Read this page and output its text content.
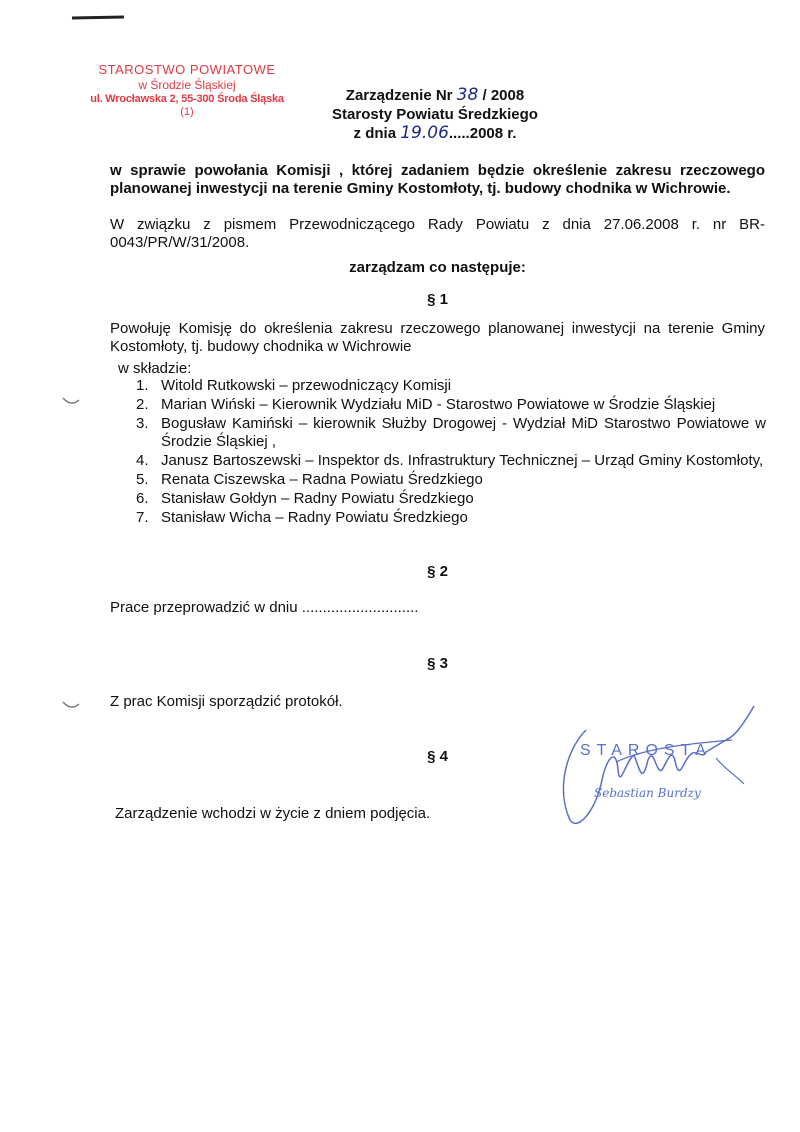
STAROSTWO POWIATOWE
w Środzie Śląskiej
ul. Wrocławska 2, 55-300 Środa Śląska
(1)
Zarządzenie Nr 38 / 2008
Starosty Powiatu Średzkiego
z dnia 19.06.....2008 r.
w sprawie powołania Komisji , której zadaniem będzie określenie zakresu rzeczowego planowanej inwestycji na terenie Gminy Kostomłoty, tj. budowy chodnika w Wichrowie.
W związku z pismem Przewodniczącego Rady Powiatu z dnia 27.06.2008 r. nr BR-0043/PR/W/31/2008.
zarządzam co następuje:
§ 1
Powołuję Komisję do określenia zakresu rzeczowego planowanej inwestycji na terenie Gminy Kostomłoty, tj. budowy chodnika w Wichrowie
w składzie:
1. Witold Rutkowski – przewodniczący Komisji
2. Marian Wiński – Kierownik Wydziału MiD - Starostwo Powiatowe w Środzie Śląskiej
3. Bogusław Kamiński – kierownik Służby Drogowej - Wydział MiD Starostwo Powiatowe w Środzie Śląskiej ,
4. Janusz Bartoszewski – Inspektor ds. Infrastruktury Technicznej – Urząd Gminy Kostomłoty,
5. Renata Ciszewska – Radna Powiatu Średzkiego
6. Stanisław Gołdyn – Radny Powiatu Średzkiego
7. Stanisław Wicha – Radny Powiatu Średzkiego
§ 2
Prace przeprowadzić w dniu ............................
§ 3
Z prac Komisji sporządzić protokół.
§ 4
Zarządzenie wchodzi w życie z dniem podjęcia.
STAROSTA
Sebastian Burdzy
